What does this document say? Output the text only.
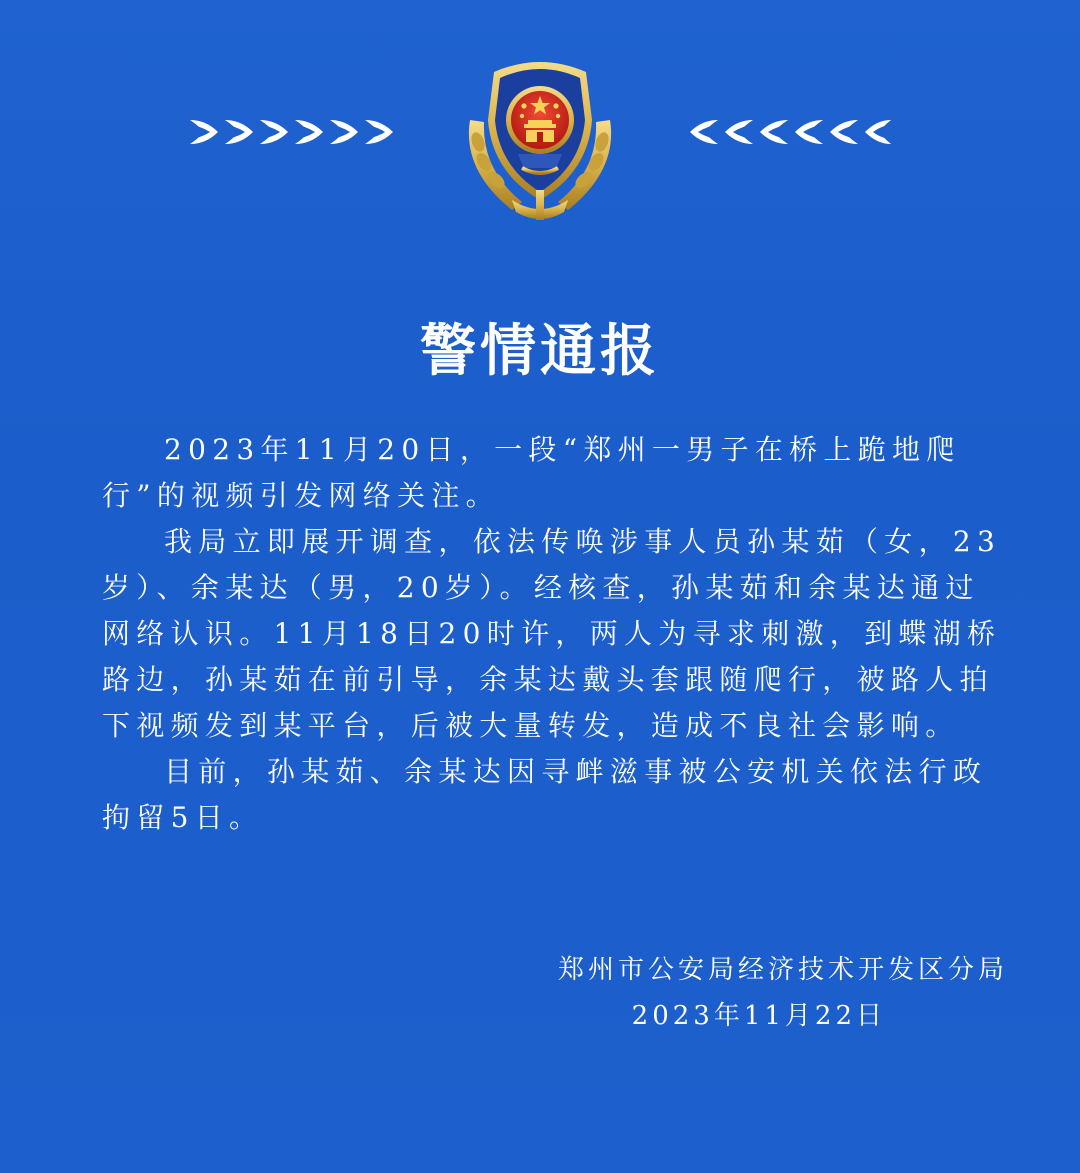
警情通报

2023年11月20日，一段“郑州一男子在桥上跪地爬行”的视频引发网络关注。

我局立即展开调查，依法传唤涉事人员孙某茹（女，23岁）、余某达（男，20岁）。经核查，孙某茹和余某达通过网络认识。11月18日20时许，两人为寻求刺激，到蝶湖桥路边，孙某茹在前引导，余某达戴头套跟随爬行，被路人拍下视频发到某平台，后被大量转发，造成不良社会影响。

目前，孙某茹、余某达因寻衅滋事被公安机关依法行政拘留5日。

郑州市公安局经济技术开发区分局
2023年11月22日
